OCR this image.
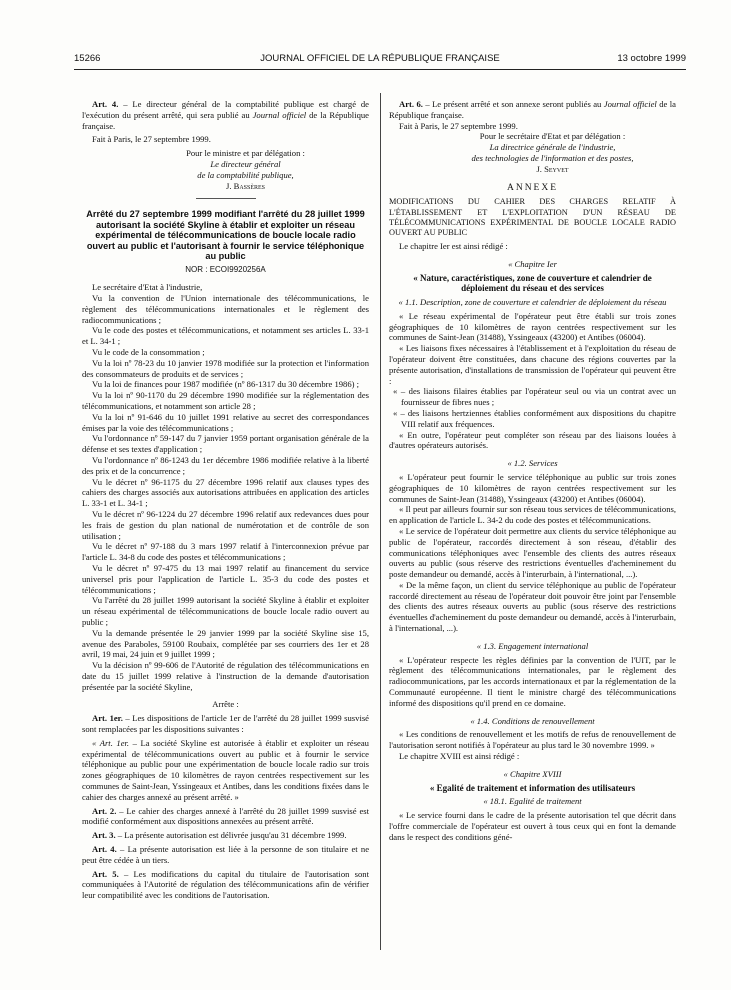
15266	JOURNAL OFFICIEL DE LA RÉPUBLIQUE FRANÇAISE	13 octobre 1999

Art. 4. – Le directeur général de la comptabilité publique est chargé de l'exécution du présent arrêté, qui sera publié au Journal officiel de la République française.

Fait à Paris, le 27 septembre 1999.

Pour le ministre et par délégation :

Le directeur général

de la comptabilité publique,

J. Bassères

Arrêté du 27 septembre 1999 modifiant l'arrêté du 28 juillet 1999 autorisant la société Skyline à établir et exploiter un réseau expérimental de télécommunications de boucle locale radio ouvert au public et l'autorisant à fournir le service téléphonique au public

NOR : ECOI9920256A

Le secrétaire d'Etat à l'industrie,

Vu la convention de l'Union internationale des télécommunications, le règlement des télécommunications internationales et le règlement des radiocommunications ;

Vu le code des postes et télécommunications, et notamment ses articles L. 33-1 et L. 34-1 ;

Vu le code de la consommation ;

Vu la loi nº 78-23 du 10 janvier 1978 modifiée sur la protection et l'information des consommateurs de produits et de services ;

Vu la loi de finances pour 1987 modifiée (nº 86-1317 du 30 décembre 1986) ;

Vu la loi nº 90-1170 du 29 décembre 1990 modifiée sur la réglementation des télécommunications, et notamment son article 28 ;

Vu la loi nº 91-646 du 10 juillet 1991 relative au secret des correspondances émises par la voie des télécommunications ;

Vu l'ordonnance nº 59-147 du 7 janvier 1959 portant organisation générale de la défense et ses textes d'application ;

Vu l'ordonnance nº 86-1243 du 1er décembre 1986 modifiée relative à la liberté des prix et de la concurrence ;

Vu le décret nº 96-1175 du 27 décembre 1996 relatif aux clauses types des cahiers des charges associés aux autorisations attribuées en application des articles L. 33-1 et L. 34-1 ;

Vu le décret nº 96-1224 du 27 décembre 1996 relatif aux redevances dues pour les frais de gestion du plan national de numérotation et de contrôle de son utilisation ;

Vu le décret nº 97-188 du 3 mars 1997 relatif à l'interconnexion prévue par l'article L. 34-8 du code des postes et télécommunications ;

Vu le décret nº 97-475 du 13 mai 1997 relatif au financement du service universel pris pour l'application de l'article L. 35-3 du code des postes et télécommunications ;

Vu l'arrêté du 28 juillet 1999 autorisant la société Skyline à établir et exploiter un réseau expérimental de télécommunications de boucle locale radio ouvert au public ;

Vu la demande présentée le 29 janvier 1999 par la société Skyline sise 15, avenue des Paraboles, 59100 Roubaix, complétée par ses courriers des 1er et 28 avril, 19 mai, 24 juin et 9 juillet 1999 ;

Vu la décision nº 99-606 de l'Autorité de régulation des télécommunications en date du 15 juillet 1999 relative à l'instruction de la demande d'autorisation présentée par la société Skyline,

Arrête :

Art. 1er. – Les dispositions de l'article 1er de l'arrêté du 28 juillet 1999 susvisé sont remplacées par les dispositions suivantes :

« Art. 1er. – La société Skyline est autorisée à établir et exploiter un réseau expérimental de télécommunications ouvert au public et à fournir le service téléphonique au public pour une expérimentation de boucle locale radio sur trois zones géographiques de 10 kilomètres de rayon centrées respectivement sur les communes de Saint-Jean, Yssingeaux et Antibes, dans les conditions fixées dans le cahier des charges annexé au présent arrêté. »

Art. 2. – Le cahier des charges annexé à l'arrêté du 28 juillet 1999 susvisé est modifié conformément aux dispositions annexées au présent arrêté.

Art. 3. – La présente autorisation est délivrée jusqu'au 31 décembre 1999.

Art. 4. – La présente autorisation est liée à la personne de son titulaire et ne peut être cédée à un tiers.

Art. 5. – Les modifications du capital du titulaire de l'autorisation sont communiquées à l'Autorité de régulation des télécommunications afin de vérifier leur compatibilité avec les conditions de l'autorisation.

Art. 6. – Le présent arrêté et son annexe seront publiés au Journal officiel de la République française.

Fait à Paris, le 27 septembre 1999.

Pour le secrétaire d'Etat et par délégation :

La directrice générale de l'industrie,

des technologies de l'information et des postes,

J. Seyvet

ANNEXE

MODIFICATIONS DU CAHIER DES CHARGES RELATIF À L'ÉTABLISSEMENT ET L'EXPLOITATION D'UN RÉSEAU DE TÉLÉCOMMUNICATIONS EXPÉRIMENTAL DE BOUCLE LOCALE RADIO OUVERT AU PUBLIC

Le chapitre Ier est ainsi rédigé :

« Chapitre Ier

« Nature, caractéristiques, zone de couverture et calendrier de déploiement du réseau et des services

« 1.1. Description, zone de couverture et calendrier de déploiement du réseau

« Le réseau expérimental de l'opérateur peut être établi sur trois zones géographiques de 10 kilomètres de rayon centrées respectivement sur les communes de Saint-Jean (31488), Yssingeaux (43200) et Antibes (06004).

« Les liaisons fixes nécessaires à l'établissement et à l'exploitation du réseau de l'opérateur doivent être constituées, dans chacune des régions couvertes par la présente autorisation, d'installations de transmission de l'opérateur qui peuvent être :

« – des liaisons filaires établies par l'opérateur seul ou via un contrat avec un fournisseur de fibres nues ;

« – des liaisons hertziennes établies conformément aux dispositions du chapitre VIII relatif aux fréquences.

« En outre, l'opérateur peut compléter son réseau par des liaisons louées à d'autres opérateurs autorisés.

« 1.2. Services

« L'opérateur peut fournir le service téléphonique au public sur trois zones géographiques de 10 kilomètres de rayon centrées respectivement sur les communes de Saint-Jean (31488), Yssingeaux (43200) et Antibes (06004).

« Il peut par ailleurs fournir sur son réseau tous services de télécommunications, en application de l'article L. 34-2 du code des postes et télécommunications.

« Le service de l'opérateur doit permettre aux clients du service téléphonique au public de l'opérateur, raccordés directement à son réseau, d'établir des communications téléphoniques avec l'ensemble des clients des autres réseaux ouverts au public (sous réserve des restrictions éventuelles d'acheminement du poste demandeur ou demandé, accès à l'interurbain, à l'international, ...).

« De la même façon, un client du service téléphonique au public de l'opérateur raccordé directement au réseau de l'opérateur doit pouvoir être joint par l'ensemble des clients des autres réseaux ouverts au public (sous réserve des restrictions éventuelles d'acheminement du poste demandeur ou demandé, accès à l'interurbain, à l'international, ...).

« 1.3. Engagement international

« L'opérateur respecte les règles définies par la convention de l'UIT, par le règlement des télécommunications internationales, par le règlement des radiocommunications, par les accords internationaux et par la réglementation de la Communauté européenne. Il tient le ministre chargé des télécommunications informé des dispositions qu'il prend en ce domaine.

« 1.4. Conditions de renouvellement

« Les conditions de renouvellement et les motifs de refus de renouvellement de l'autorisation seront notifiés à l'opérateur au plus tard le 30 novembre 1999. »

Le chapitre XVIII est ainsi rédigé :

« Chapitre XVIII

« Egalité de traitement et information des utilisateurs

« 18.1. Egalité de traitement

« Le service fourni dans le cadre de la présente autorisation tel que décrit dans l'offre commerciale de l'opérateur est ouvert à tous ceux qui en font la demande dans le respect des conditions géné-
